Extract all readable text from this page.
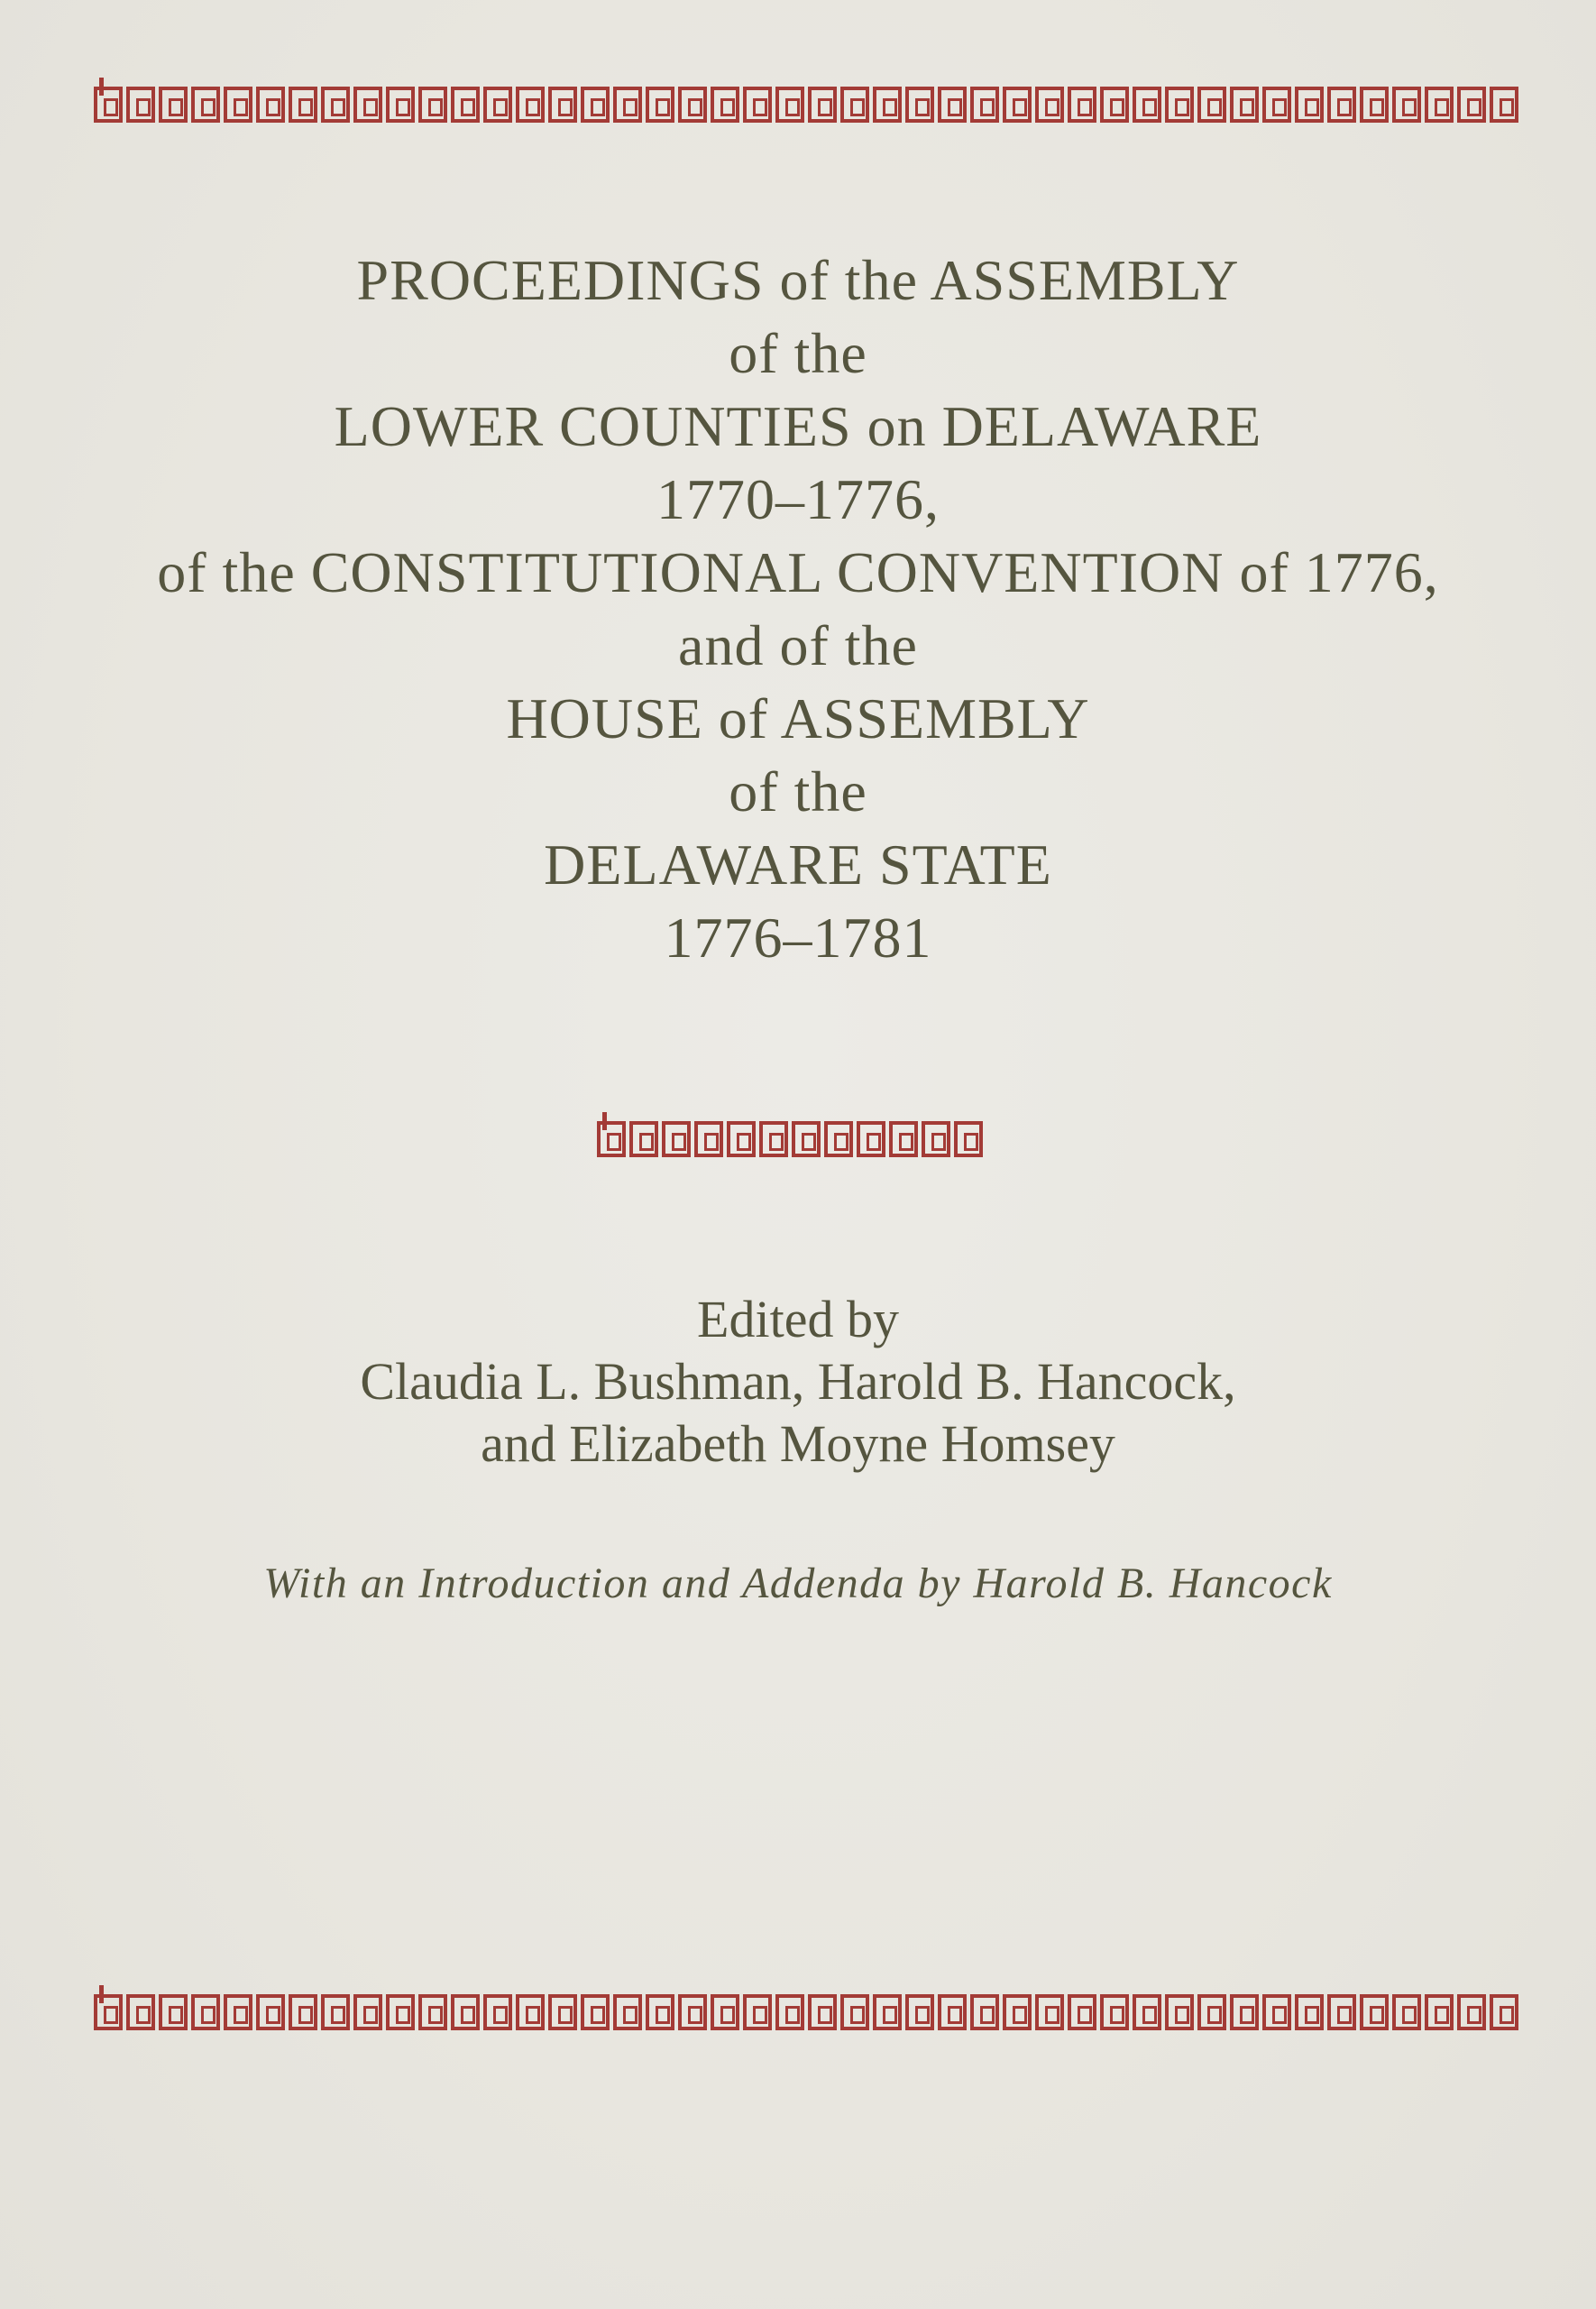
PROCEEDINGS of the ASSEMBLY
of the
LOWER COUNTIES on DELAWARE
1770–1776,
of the CONSTITUTIONAL CONVENTION of 1776,
and of the
HOUSE of ASSEMBLY
of the
DELAWARE STATE
1776–1781
Edited by
Claudia L. Bushman, Harold B. Hancock,
and Elizabeth Moyne Homsey
With an Introduction and Addenda by Harold B. Hancock
